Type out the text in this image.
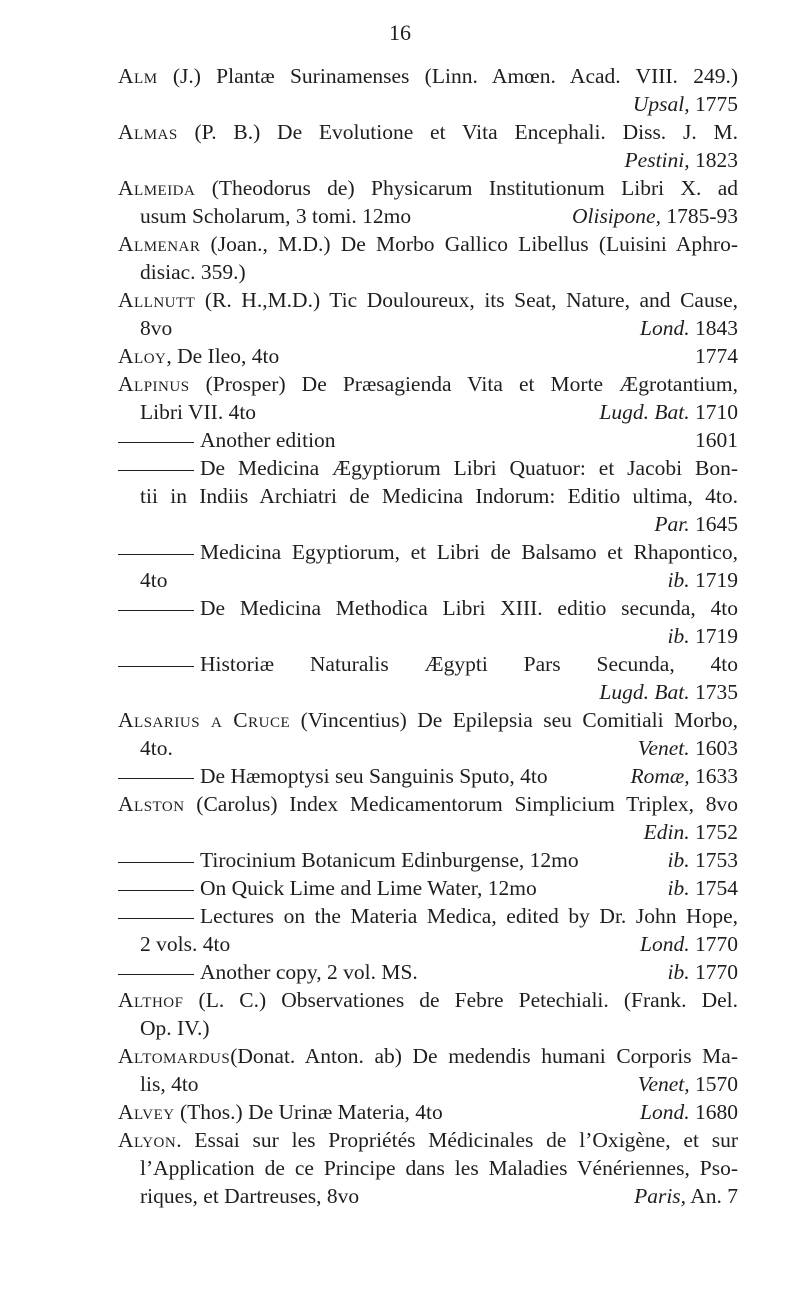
16
Alm (J.) Plantæ Surinamenses (Linn. Amœn. Acad. VIII. 249.)
Upsal, 1775
Almas (P. B.) De Evolutione et Vita Encephali. Diss. J. M.
Pestini, 1823
Almeida (Theodorus de) Physicarum Institutionum Libri X. ad
usum Scholarum, 3 tomi. 12mo	Olisipone, 1785-93
Almenar (Joan., M.D.) De Morbo Gallico Libellus (Luisini Aphro-
disiac. 359.)
Allnutt (R. H.,M.D.) Tic Douloureux, its Seat, Nature, and Cause,
8vo	Lond. 1843
Aloy, De Ileo, 4to	1774
Alpinus (Prosper) De Præsagienda Vita et Morte Ægrotantium,
Libri VII. 4to	Lugd. Bat. 1710
Another edition	1601
De Medicina Ægyptiorum Libri Quatuor: et Jacobi Bon-
tii in Indiis Archiatri de Medicina Indorum: Editio ultima, 4to.
Par. 1645
Medicina Egyptiorum, et Libri de Balsamo et Rhapontico,
4to	ib. 1719
De Medicina Methodica Libri XIII. editio secunda, 4to
ib. 1719
Historiæ Naturalis Ægypti Pars Secunda, 4to
Lugd. Bat. 1735
Alsarius a Cruce (Vincentius) De Epilepsia seu Comitiali Morbo,
4to.	Venet. 1603
De Hæmoptysi seu Sanguinis Sputo, 4to	Romæ, 1633
Alston (Carolus) Index Medicamentorum Simplicium Triplex, 8vo
Edin. 1752
Tirocinium Botanicum Edinburgense, 12mo	ib. 1753
On Quick Lime and Lime Water, 12mo	ib. 1754
Lectures on the Materia Medica, edited by Dr. John Hope,
2 vols. 4to	Lond. 1770
Another copy, 2 vol. MS.	ib. 1770
Althof (L. C.) Observationes de Febre Petechiali. (Frank. Del.
Op. IV.)
Altomardus(Donat. Anton. ab) De medendis humani Corporis Ma-
lis, 4to	Venet, 1570
Alvey (Thos.) De Urinæ Materia, 4to	Lond. 1680
Alyon. Essai sur les Propriétés Médicinales de l’Oxigène, et sur
l’Application de ce Principe dans les Maladies Vénériennes, Pso-
riques, et Dartreuses, 8vo	Paris, An. 7
